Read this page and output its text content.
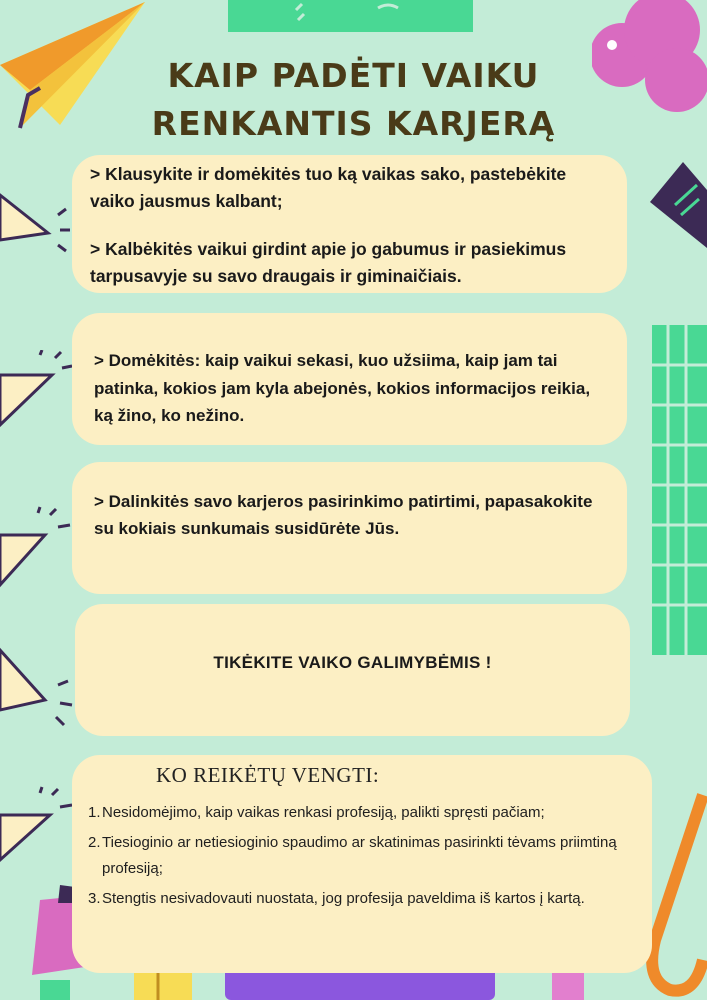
KAIP PADĖTI VAIKU
RENKANTIS KARJERĄ

> Klausykite ir domėkitės tuo ką vaikas sako, pastebėkite vaiko jausmus kalbant;

> Kalbėkitės vaikui girdint apie jo gabumus ir pasiekimus tarpusavyje su savo draugais ir giminaičiais.

> Domėkitės: kaip vaikui sekasi, kuo užsiima, kaip jam tai patinka, kokios jam kyla abejonės, kokios informacijos reikia, ką žino, ko nežino.

> Dalinkitės savo karjeros pasirinkimo patirtimi, papasakokite su kokiais sunkumais susidūrėte Jūs.

TIKĖKITE VAIKO GALIMYBĖMIS !
KO REIKĖTŲ VENGTI:
1.Nesidomėjimo, kaip vaikas renkasi profesiją, palikti spręsti pačiam;
2.Tiesioginio ar netiesioginio spaudimo ar skatinimas pasirinkti tėvams priimtiną profesiją;
3.Stengtis nesivadovauti nuostata, jog profesija paveldima iš kartos į kartą.
